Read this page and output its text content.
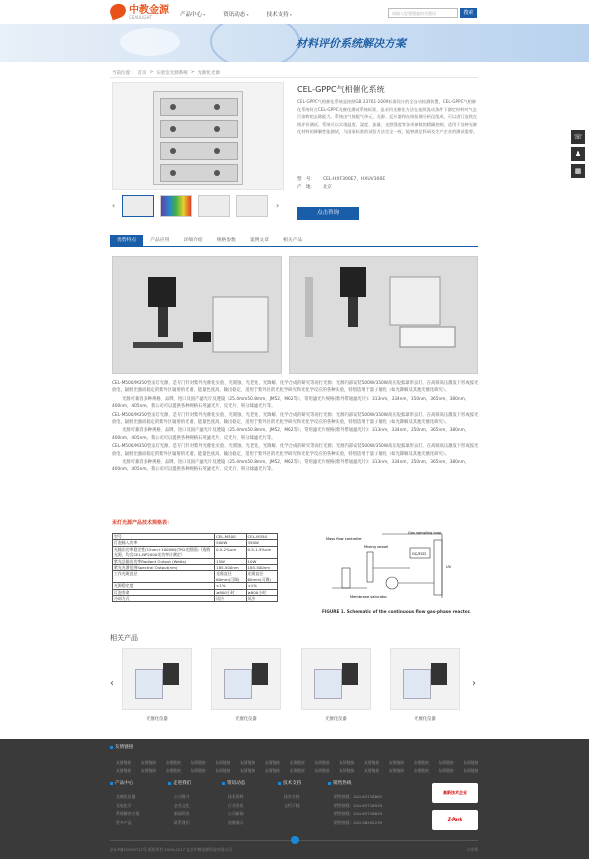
中教金源
CEAULIGHT	产品中心 ▾	资讯动态 ▾	技术支持 ▾	请输入您要搜索的关键词	搜索
材料评价系统解决方案
当前位置： 首页 > 实验室光源系统 > 光催化光源
‹	›
CEL-GPPC气相催化系统
CEL-GPPC气相催化系统是按照GB 23761-2009标准设计的全自动检测装置，CEL-GPPC气相催化系统符合CEL-GPPC光催化测试系统标准，是采用光催化方法在连续流动条件下测定材料对气态污染物的去除能力。系统由气体配气单元、光源、反应器和在线检测分析仪组成，可以进行连续在线评价测试。系统可以实现温度、湿度、流量、光照强度等各项参数的精确控制，适用于各种光催化材料的降解性能测试，与国家标准的试验方法完全一致，能够满足科研及生产企业的测试需要。
型　号： CEL-HXF300E7、HXUV300E
产　地： 北京
点击咨询
☏
♟
▦
优势特点	产品应用	详细介绍	规格参数	案例文章	相关产品

CEL-M500/M350型汞灯光源，是专门针对紫外光催化实验、光刻蚀、光老化、光降解、化学合成的研究等而打光源；光源内部安装500W/350W高压短弧球形汞灯，在高频高压激发下形成弧光放电，辐射出强而稳定的紫外区辐射的光谱，能量色度高，输出稳定，适用于紫外区的光化学研究和光化学反应的各种实验，特别适用于量子催化（如光降解及其他光催化研究）。

光源可兼容多种规格、品牌、进口及国产滤光片及透镜（25.4mm50.8mm，JM52，M62等），常用滤光片规格(紫外带通滤光片)：313nm，334nm，350nm，365nm，380nm，400nm，405nm。我公司可以提供各种规格石英滤光片、反光片、积分球滤光片等。

CEL-M500/M350型汞灯光源，是专门针对紫外光催化实验、光刻蚀、光老化、光降解、化学合成的研究等而打光源；光源内部安装500W/350W高压短弧球形汞灯，在高频高压激发下形成弧光放电，辐射出强而稳定的紫外区辐射的光谱，能量色度高，输出稳定，适用于紫外区的光化学研究和光化学反应的各种实验，特别适用于量子催化（如光降解及其他光催化研究）。

光源可兼容多种规格、品牌、进口及国产滤光片及透镜（25.4mm50.8mm，JM52，M62等），常用滤光片规格(紫外带通滤光片)：313nm，334nm，350nm，365nm，380nm，400nm，405nm。我公司可以提供各种规格石英滤光片、反光片、积分球滤光片等。

CEL-M500/M350型汞灯光源，是专门针对紫外光催化实验、光刻蚀、光老化、光降解、化学合成的研究等而打光源；光源内部安装500W/350W高压短弧球形汞灯，在高频高压激发下形成弧光放电，辐射出强而稳定的紫外区辐射的光谱，能量色度高，输出稳定，适用于紫外区的光化学研究和光化学反应的各种实验，特别适用于量子催化（如光降解及其他光催化研究）。

光源可兼容多种规格、品牌、进口及国产滤光片及透镜（25.4mm50.8mm，JM52，M62等），常用滤光片规格(紫外带通滤光片)：313nm，334nm，350nm，365nm，380nm，400nm，405nm。我公司可以提供各种规格石英滤光片、反光片、积分球滤光片等。

汞灯光源产品技术规格表：
型号	CEL-M500	CEL-M350
灯泡输入功率	500W	350W
光输出功率稳定性(15um+1000W)(TR2光照面)（选购光源，均含CEL-NP2000光功率计测定）	0.5-2%um	0.5-1.5%um
紫光总输出功率Radiant Output (Watts)	15W	10W
紫光光谱范围Spectral Output(nm)	185-500nm	185-500nm
工作光斑直径	光斑直径60mm(可调)	光斑直径60mm(可调)
光源稳定度	±1%	±1%
灯泡寿命	≥800小时	≥800小时
冷却方式	风冷	风冷
Gas sampling loop
Mass flow controller
Mixing vessel
GC/ECD
Membrane saturator
UV
FIGURE 1. Schematic of the continuous flow gas-phase reactor.
相关产品
‹
光催化仪器	光催化仪器	光催化仪器	光催化仪器
›
友情链接
友情链接	友情链接	友情链接	友情链接	友情链接	友情链接	友情链接	友情链接	友情链接	友情链接	友情链接	友情链接	友情链接	友情链接	友情链接
友情链接	友情链接	友情链接	友情链接	友情链接	友情链接	友情链接	友情链接	友情链接	友情链接	友情链接	友情链接	友情链接	友情链接	友情链接
产品中心
光催化仪器
光电化学
系统解决方案
更多产品
走进我们
公司简介
企业文化
新闻资讯
联系我们
资讯动态
技术资料
行业资讯
公司新闻
视频演示
技术支持
技术支持
文档下载
销售热线
销售热线：010-63718865
销售热线：010-63716559
销售热线：010-63718629
销售热线：010-56292239
高新技术企业
Z-Park
京ICP备10039712号 版权所有 2009-2017 北京中教金源科技有限公司	分享到
